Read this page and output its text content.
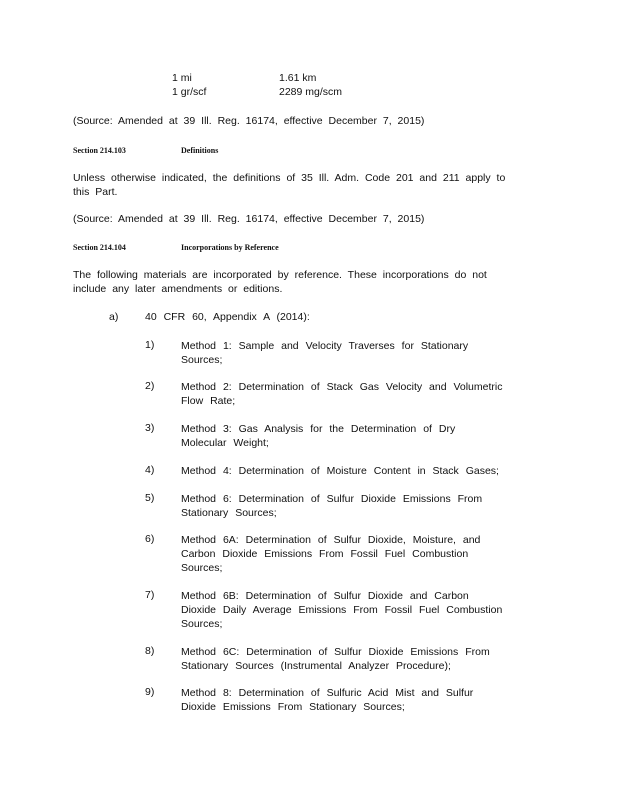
1 mi	1.61 km
1 gr/scf	2289 mg/scm
(Source: Amended at 39 Ill. Reg. 16174, effective December 7, 2015)
Section 214.103	Definitions
Unless otherwise indicated, the definitions of 35 Ill. Adm. Code 201 and 211 apply to this Part.
(Source: Amended at 39 Ill. Reg. 16174, effective December 7, 2015)
Section 214.104	Incorporations by Reference
The following materials are incorporated by reference. These incorporations do not include any later amendments or editions.
a)	40 CFR 60, Appendix A (2014):
1)	Method 1: Sample and Velocity Traverses for Stationary Sources;
2)	Method 2: Determination of Stack Gas Velocity and Volumetric Flow Rate;
3)	Method 3: Gas Analysis for the Determination of Dry Molecular Weight;
4)	Method 4: Determination of Moisture Content in Stack Gases;
5)	Method 6: Determination of Sulfur Dioxide Emissions From Stationary Sources;
6)	Method 6A: Determination of Sulfur Dioxide, Moisture, and Carbon Dioxide Emissions From Fossil Fuel Combustion Sources;
7)	Method 6B: Determination of Sulfur Dioxide and Carbon Dioxide Daily Average Emissions From Fossil Fuel Combustion Sources;
8)	Method 6C: Determination of Sulfur Dioxide Emissions From Stationary Sources (Instrumental Analyzer Procedure);
9)	Method 8: Determination of Sulfuric Acid Mist and Sulfur Dioxide Emissions From Stationary Sources;
